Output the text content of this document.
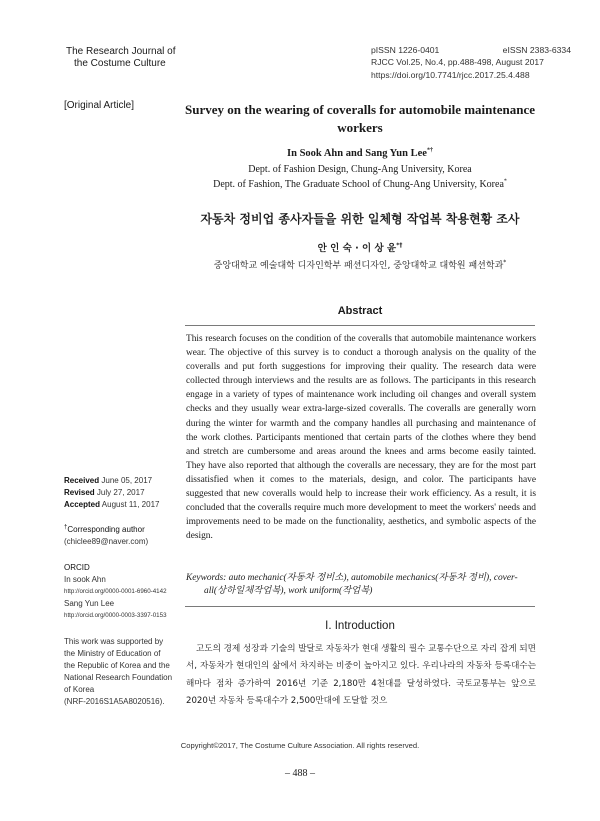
The Research Journal of
the Costume Culture
pISSN 1226-0401	eISSN 2383-6334
RJCC Vol.25, No.4, pp.488-498, August 2017
https://doi.org/10.7741/rjcc.2017.25.4.488
[Original Article]	Survey on the wearing of coveralls for automobile maintenance workers
In Sook Ahn and Sang Yun Lee*†
Dept. of Fashion Design, Chung-Ang University, Korea
Dept. of Fashion, The Graduate School of Chung-Ang University, Korea*
자동차 정비업 종사자들을 위한 일체형 작업복 착용현황 조사
안 인 숙 · 이 상 윤*†
중앙대학교 예술대학 디자인학부 패션디자인, 중앙대학교 대학원 패션학과*
Abstract
This research focuses on the condition of the coveralls that automobile maintenance workers wear. The objective of this survey is to conduct a thorough analysis on the quality of the coveralls and put forth suggestions for improving their quality. The research data were collected through interviews and the results are as follows. The participants in this research engage in a variety of types of maintenance work including oil changes and overall system checks and they usually wear extra-large-sized coveralls. The coveralls are generally worn during the winter for warmth and the company handles all purchasing and maintenance of the work clothes. Participants mentioned that certain parts of the clothes where they bend and stretch are cumbersome and areas around the knees and arms become easily tainted. They have also reported that although the coveralls are necessary, they are for the most part dissatisfied when it comes to the materials, design, and color. The participants have suggested that new coveralls would help to increase their work efficiency. As a result, it is concluded that the coveralls require much more development to meet the workers' needs and improvements need to be made on the functionality, aesthetics, and symbolic aspects of the design.
Keywords: auto mechanic(자동차 정비소), automobile mechanics(자동차 정비), cover-
all(상하일체작업복), work uniform(작업복)
I. Introduction

고도의 경제 성장과 기술의 발달로 자동차가 현대 생활의 필수 교통수단으로 자리 잡게 되면서, 자동차가 현대인의 삶에서 차지하는 비중이 높아지고 있다. 우리나라의 자동차 등록대수는 해마다 점차 증가하여 2016년 기준 2,180만 4천대를 달성하였다. 국토교통부는 앞으로 2020년 자동차 등록대수가 2,500만대에 도달할 것으

Received June 05, 2017
Revised July 27, 2017
Accepted August 11, 2017
†Corresponding author
(chiclee89@naver.com)
ORCID
In sook Ahn
http://orcid.org/0000-0001-6960-4142
Sang Yun Lee
http://orcid.org/0000-0003-3397-0153
This work was supported by
the Ministry of Education of
the Republic of Korea and the
National Research Foundation
of Korea
(NRF-2016S1A5A8020516).
Copyright©2017, The Costume Culture Association. All rights reserved.
– 488 –
